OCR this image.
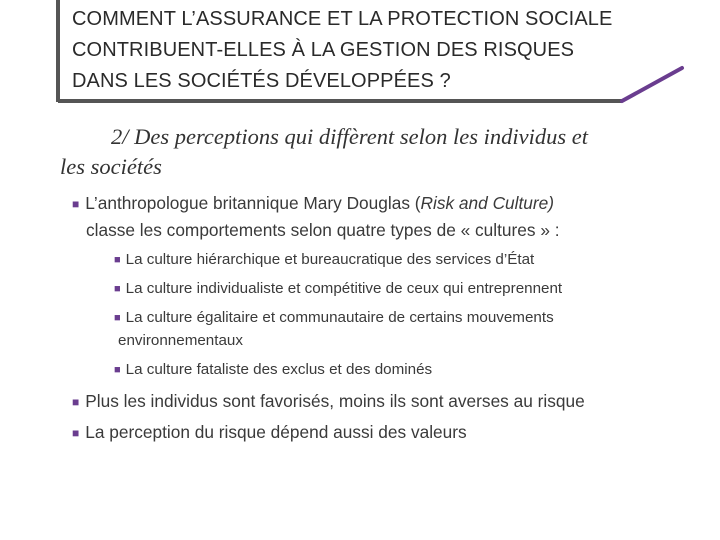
COMMENT L’ASSURANCE ET LA PROTECTION SOCIALE
CONTRIBUENT-ELLES À LA GESTION DES RISQUES
DANS LES SOCIÉTÉS DÉVELOPPÉES ?
2/ Des perceptions qui diffèrent selon les individus et
les sociétés
■ L’anthropologue britannique Mary Douglas (Risk and Culture)
classe les comportements selon quatre types de « cultures » :
■ La culture hiérarchique et bureaucratique des services d’État
■ La culture individualiste et compétitive de ceux qui entreprennent
■ La culture égalitaire et communautaire de certains mouvements
environnementaux
■ La culture fataliste des exclus et des dominés
■ Plus les individus sont favorisés, moins ils sont averses au risque
■ La perception du risque dépend aussi des valeurs
